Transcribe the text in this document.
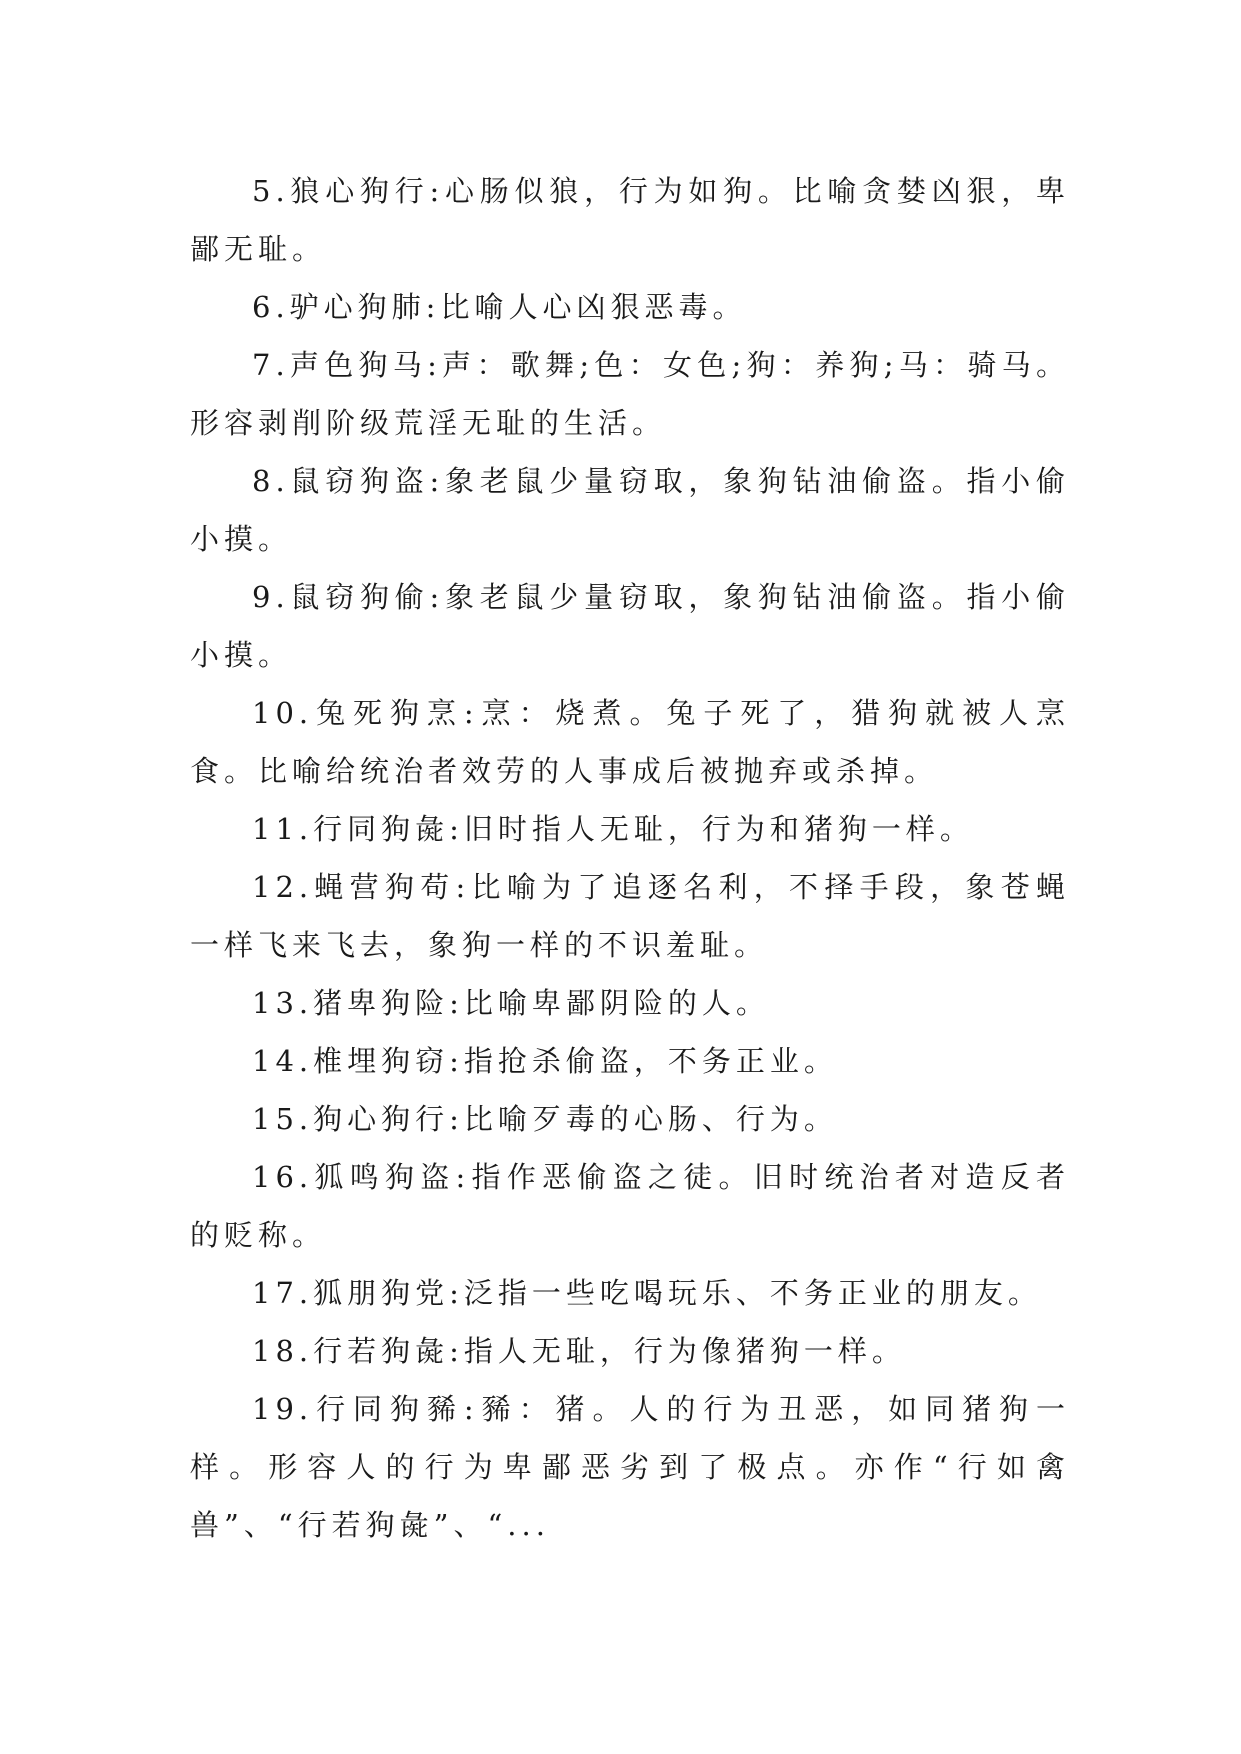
5.狼心狗行:心肠似狼，行为如狗。比喻贪婪凶狠，卑鄙无耻。

6.驴心狗肺:比喻人心凶狠恶毒。

7.声色狗马:声：歌舞;色：女色;狗：养狗;马：骑马。形容剥削阶级荒淫无耻的生活。

8.鼠窃狗盗:象老鼠少量窃取，象狗钻油偷盗。指小偷小摸。

9.鼠窃狗偷:象老鼠少量窃取，象狗钻油偷盗。指小偷小摸。

10.兔死狗烹:烹：烧煮。兔子死了，猎狗就被人烹食。比喻给统治者效劳的人事成后被抛弃或杀掉。

11.行同狗彘:旧时指人无耻，行为和猪狗一样。

12.蝇营狗苟:比喻为了追逐名利，不择手段，象苍蝇一样飞来飞去，象狗一样的不识羞耻。

13.猪卑狗险:比喻卑鄙阴险的人。

14.椎埋狗窃:指抢杀偷盗，不务正业。

15.狗心狗行:比喻歹毒的心肠、行为。

16.狐鸣狗盗:指作恶偷盗之徒。旧时统治者对造反者的贬称。

17.狐朋狗党:泛指一些吃喝玩乐、不务正业的朋友。

18.行若狗彘:指人无耻，行为像猪狗一样。

19.行同狗豨:豨：猪。人的行为丑恶，如同猪狗一样。形容人的行为卑鄙恶劣到了极点。亦作“行如禽兽”、“行若狗彘”、“...
